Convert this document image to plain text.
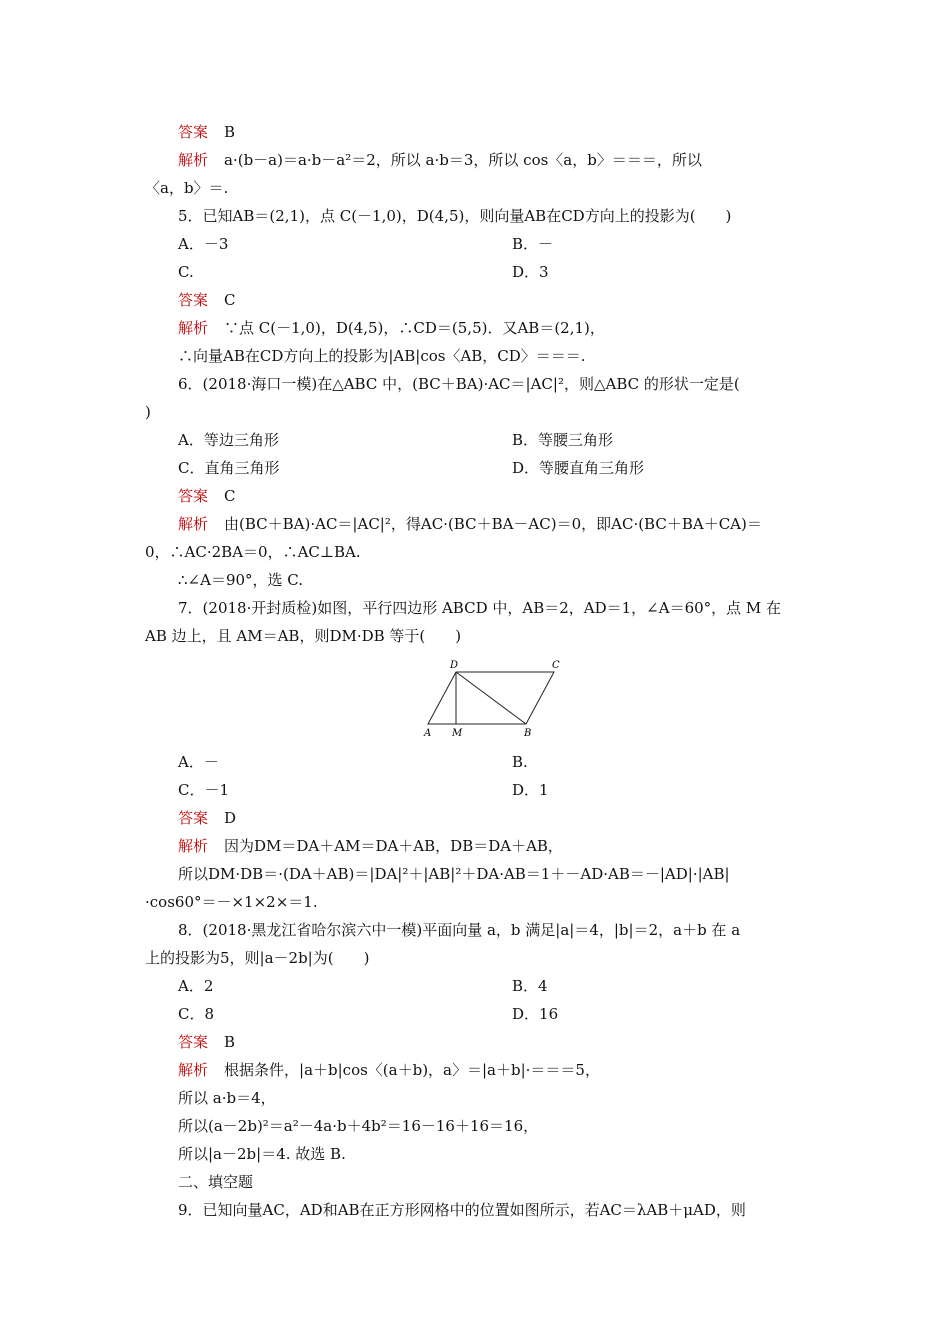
答案 B
解析 a·(b－a)＝a·b－a²＝2，所以 a·b＝3，所以 cos〈a，b〉＝＝＝，所以
〈a，b〉＝.
5．已知AB＝(2,1)，点 C(－1,0)，D(4,5)，则向量AB在CD方向上的投影为(　　)
A．－3	B．－
C.	D．3
答案 C
解析 ∵点 C(－1,0)，D(4,5)，∴CD＝(5,5)．又AB＝(2,1)，
∴向量AB在CD方向上的投影为|AB|cos〈AB，CD〉＝＝＝.
6．(2018·海口一模)在△ABC 中，(BC＋BA)·AC＝|AC|²，则△ABC 的形状一定是(
)
A．等边三角形	B．等腰三角形
C．直角三角形	D．等腰直角三角形
答案 C
解析 由(BC＋BA)·AC＝|AC|²，得AC·(BC＋BA－AC)＝0，即AC·(BC＋BA＋CA)＝
0，∴AC·2BA＝0，∴AC⊥BA.
∴∠A＝90°，选 C.
7．(2018·开封质检)如图，平行四边形 ABCD 中，AB＝2，AD＝1，∠A＝60°，点 M 在
AB 边上，且 AM＝AB，则DM·DB 等于(　　)
D	C
A M	B
A．－	B.
C．－1	D．1
答案 D
解析 因为DM＝DA＋AM＝DA＋AB，DB＝DA＋AB，
所以DM·DB＝·(DA＋AB)＝|DA|²＋|AB|²＋DA·AB＝1＋－AD·AB＝－|AD|·|AB|
·cos60°＝－×1×2×＝1.
8．(2018·黑龙江省哈尔滨六中一模)平面向量 a，b 满足|a|＝4，|b|＝2，a＋b 在 a
上的投影为5，则|a－2b|为(　　)
A．2	B．4
C．8	D．16
答案 B
解析 根据条件，|a＋b|cos〈(a＋b)，a〉＝|a＋b|·＝＝＝5，
所以 a·b＝4，
所以(a－2b)²＝a²－4a·b＋4b²＝16－16＋16＝16，
所以|a－2b|＝4. 故选 B.
二、填空题
9．已知向量AC，AD和AB在正方形网格中的位置如图所示，若AC＝λAB＋μAD，则
